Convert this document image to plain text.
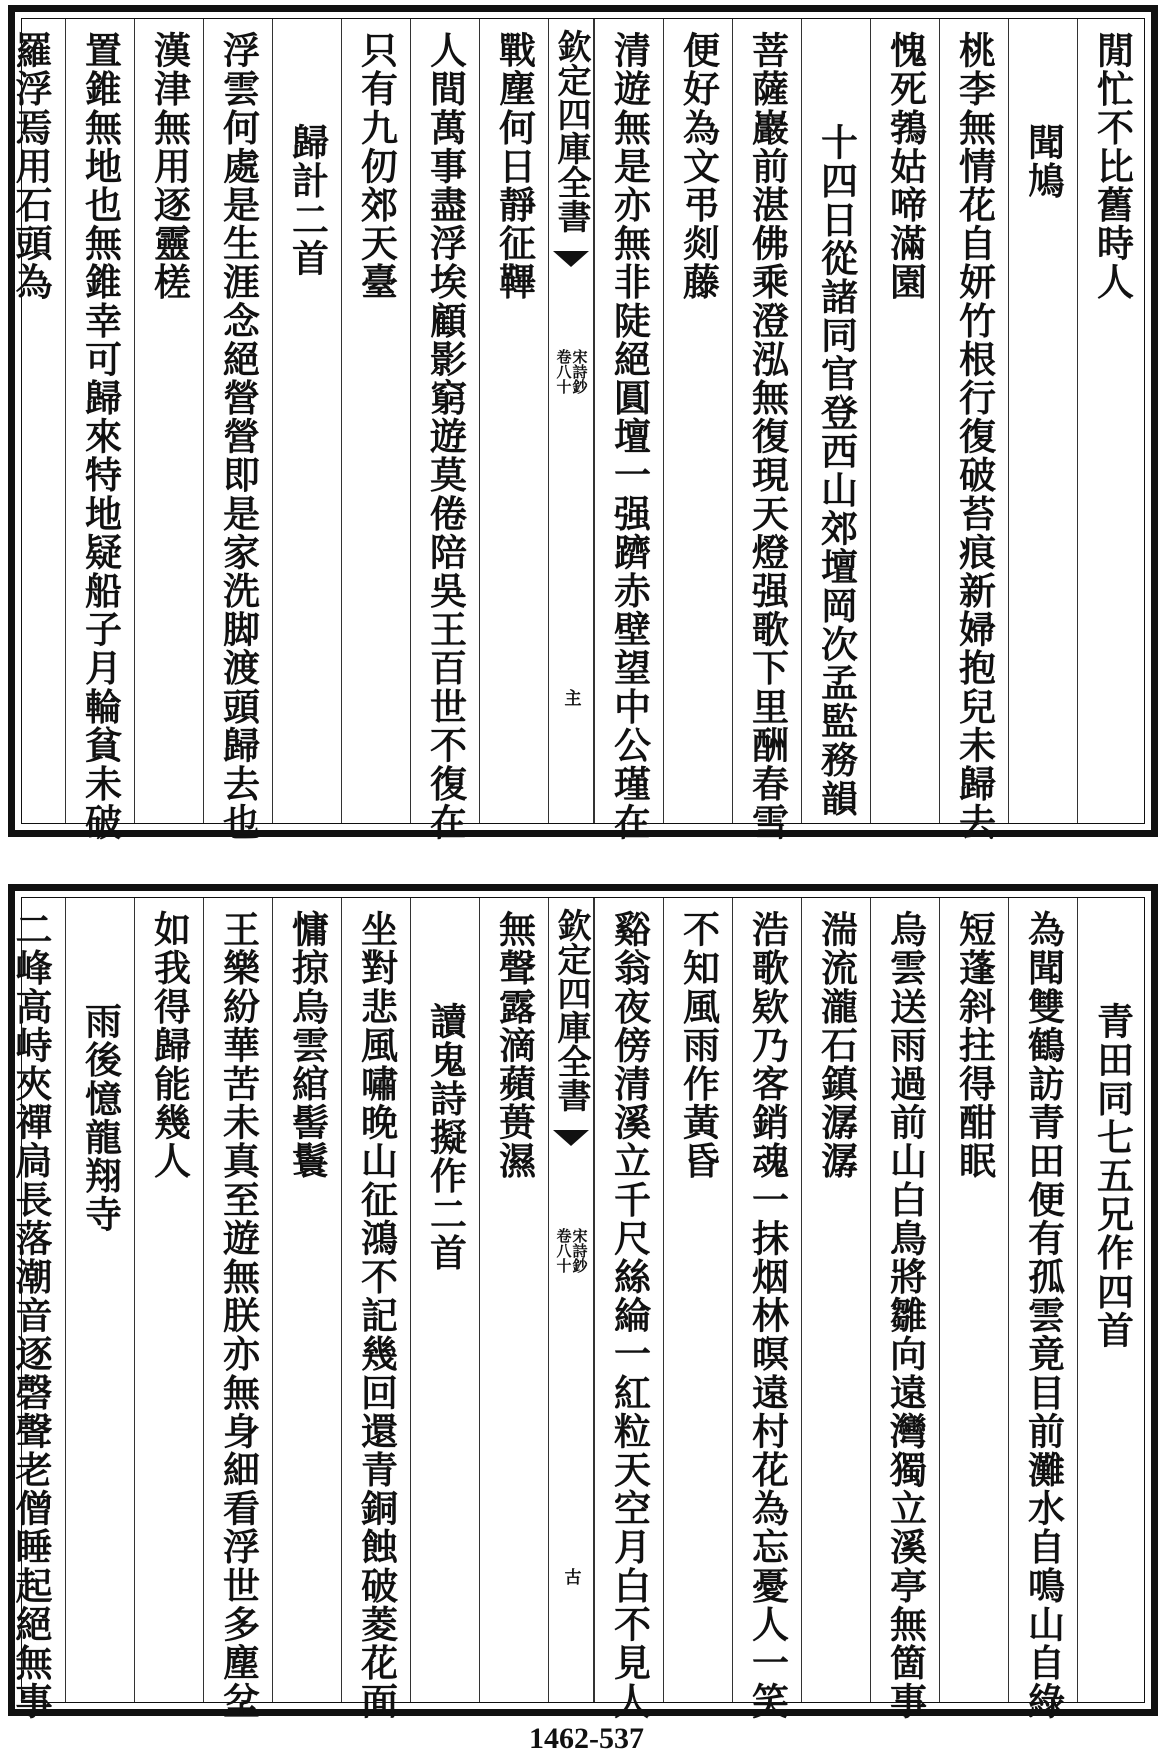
閒忙不比舊時人
聞鳩
桃李無情花自妍竹根行復破苔痕新婦抱兒未歸去
愧死鵓姑啼滿園
十四日從諸同官登西山郊壇岡次孟監務韻
菩薩巖前湛佛乘澄泓無復現天燈强歌下里酬春雪
便好為文弔剡藤
清遊無是亦無非陡絕圓壇一强躋赤壁望中公瑾在
欽定四庫全書
宋詩鈔
卷八十
主
戰塵何日靜征鞸
人間萬事盡浮埃顧影窮遊莫倦陪吳王百世不復在
只有九仞郊天臺
歸計二首
浮雲何處是生涯念絕營營即是家洗脚渡頭歸去也
漢津無用逐靈槎
置錐無地也無錐幸可歸來特地疑船子月輪貧未破
羅浮焉用石頭為
青田同七五兄作四首
為聞雙鶴訪青田便有孤雲竟目前灘水自鳴山自綠
短蓬斜拄得酣眠
烏雲送雨過前山白鳥將雛向遠灣獨立溪亭無箇事
湍流瀧石鎮潺潺
浩歌欵乃客銷魂一抹烟林暝遠村花為忘憂人一笑
不知風雨作黃昏
谿翁夜傍清溪立千尺絲綸一紅粒天空月白不見人
欽定四庫全書
宋詩鈔
卷八十
古
無聲露滴蘋蒉濕
讀鬼詩擬作二首
坐對悲風嘯晚山征鴻不記幾回還青銅蝕破菱花面
慵掠烏雲綰髻鬟
王樂紛華苦未真至遊無朕亦無身細看浮世多塵坌
如我得歸能幾人
雨後憶龍翔寺
二峰高峙夾禪扃長落潮音逐磬聲老僧睡起絕無事
1462-537
